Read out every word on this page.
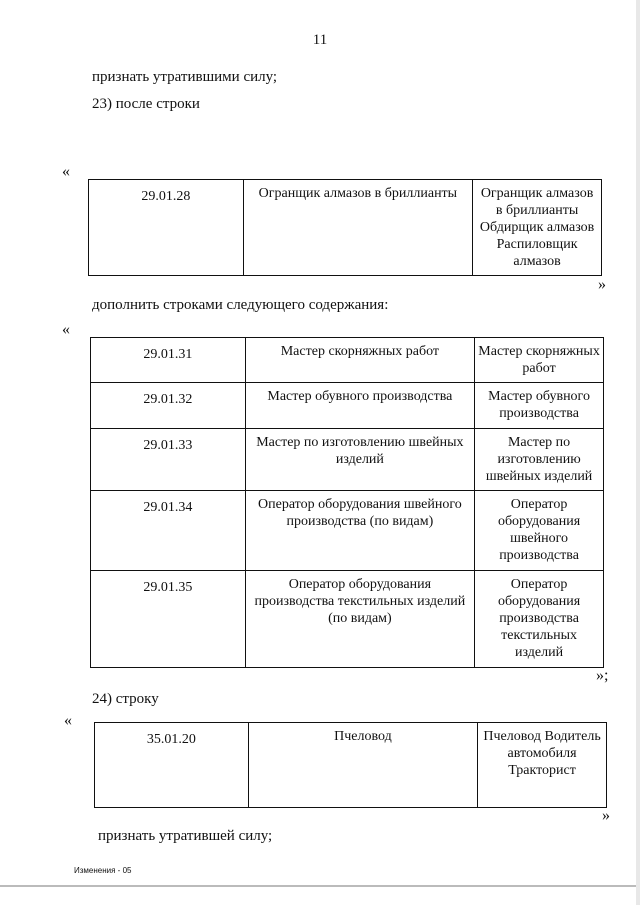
11
признать утратившими силу;
23) после строки
«
29.01.28	Огранщик алмазов в бриллианты	Огранщик алмазов в бриллианты Обдирщик алмазов Распиловщик алмазов
»
дополнить строками следующего содержания:
«
29.01.31	Мастер скорняжных работ	Мастер скорняжных работ
29.01.32	Мастер обувного производства	Мастер обувного производства
29.01.33	Мастер по изготовлению швейных изделий	Мастер по изготовлению швейных изделий
29.01.34	Оператор оборудования швейного производства (по видам)	Оператор оборудования швейного производства
29.01.35	Оператор оборудования производства текстильных изделий (по видам)	Оператор оборудования производства текстильных изделий
»;
24) строку
«
35.01.20	Пчеловод	Пчеловод Водитель автомобиля Тракторист
»
признать утратившей силу;
Изменения - 05
